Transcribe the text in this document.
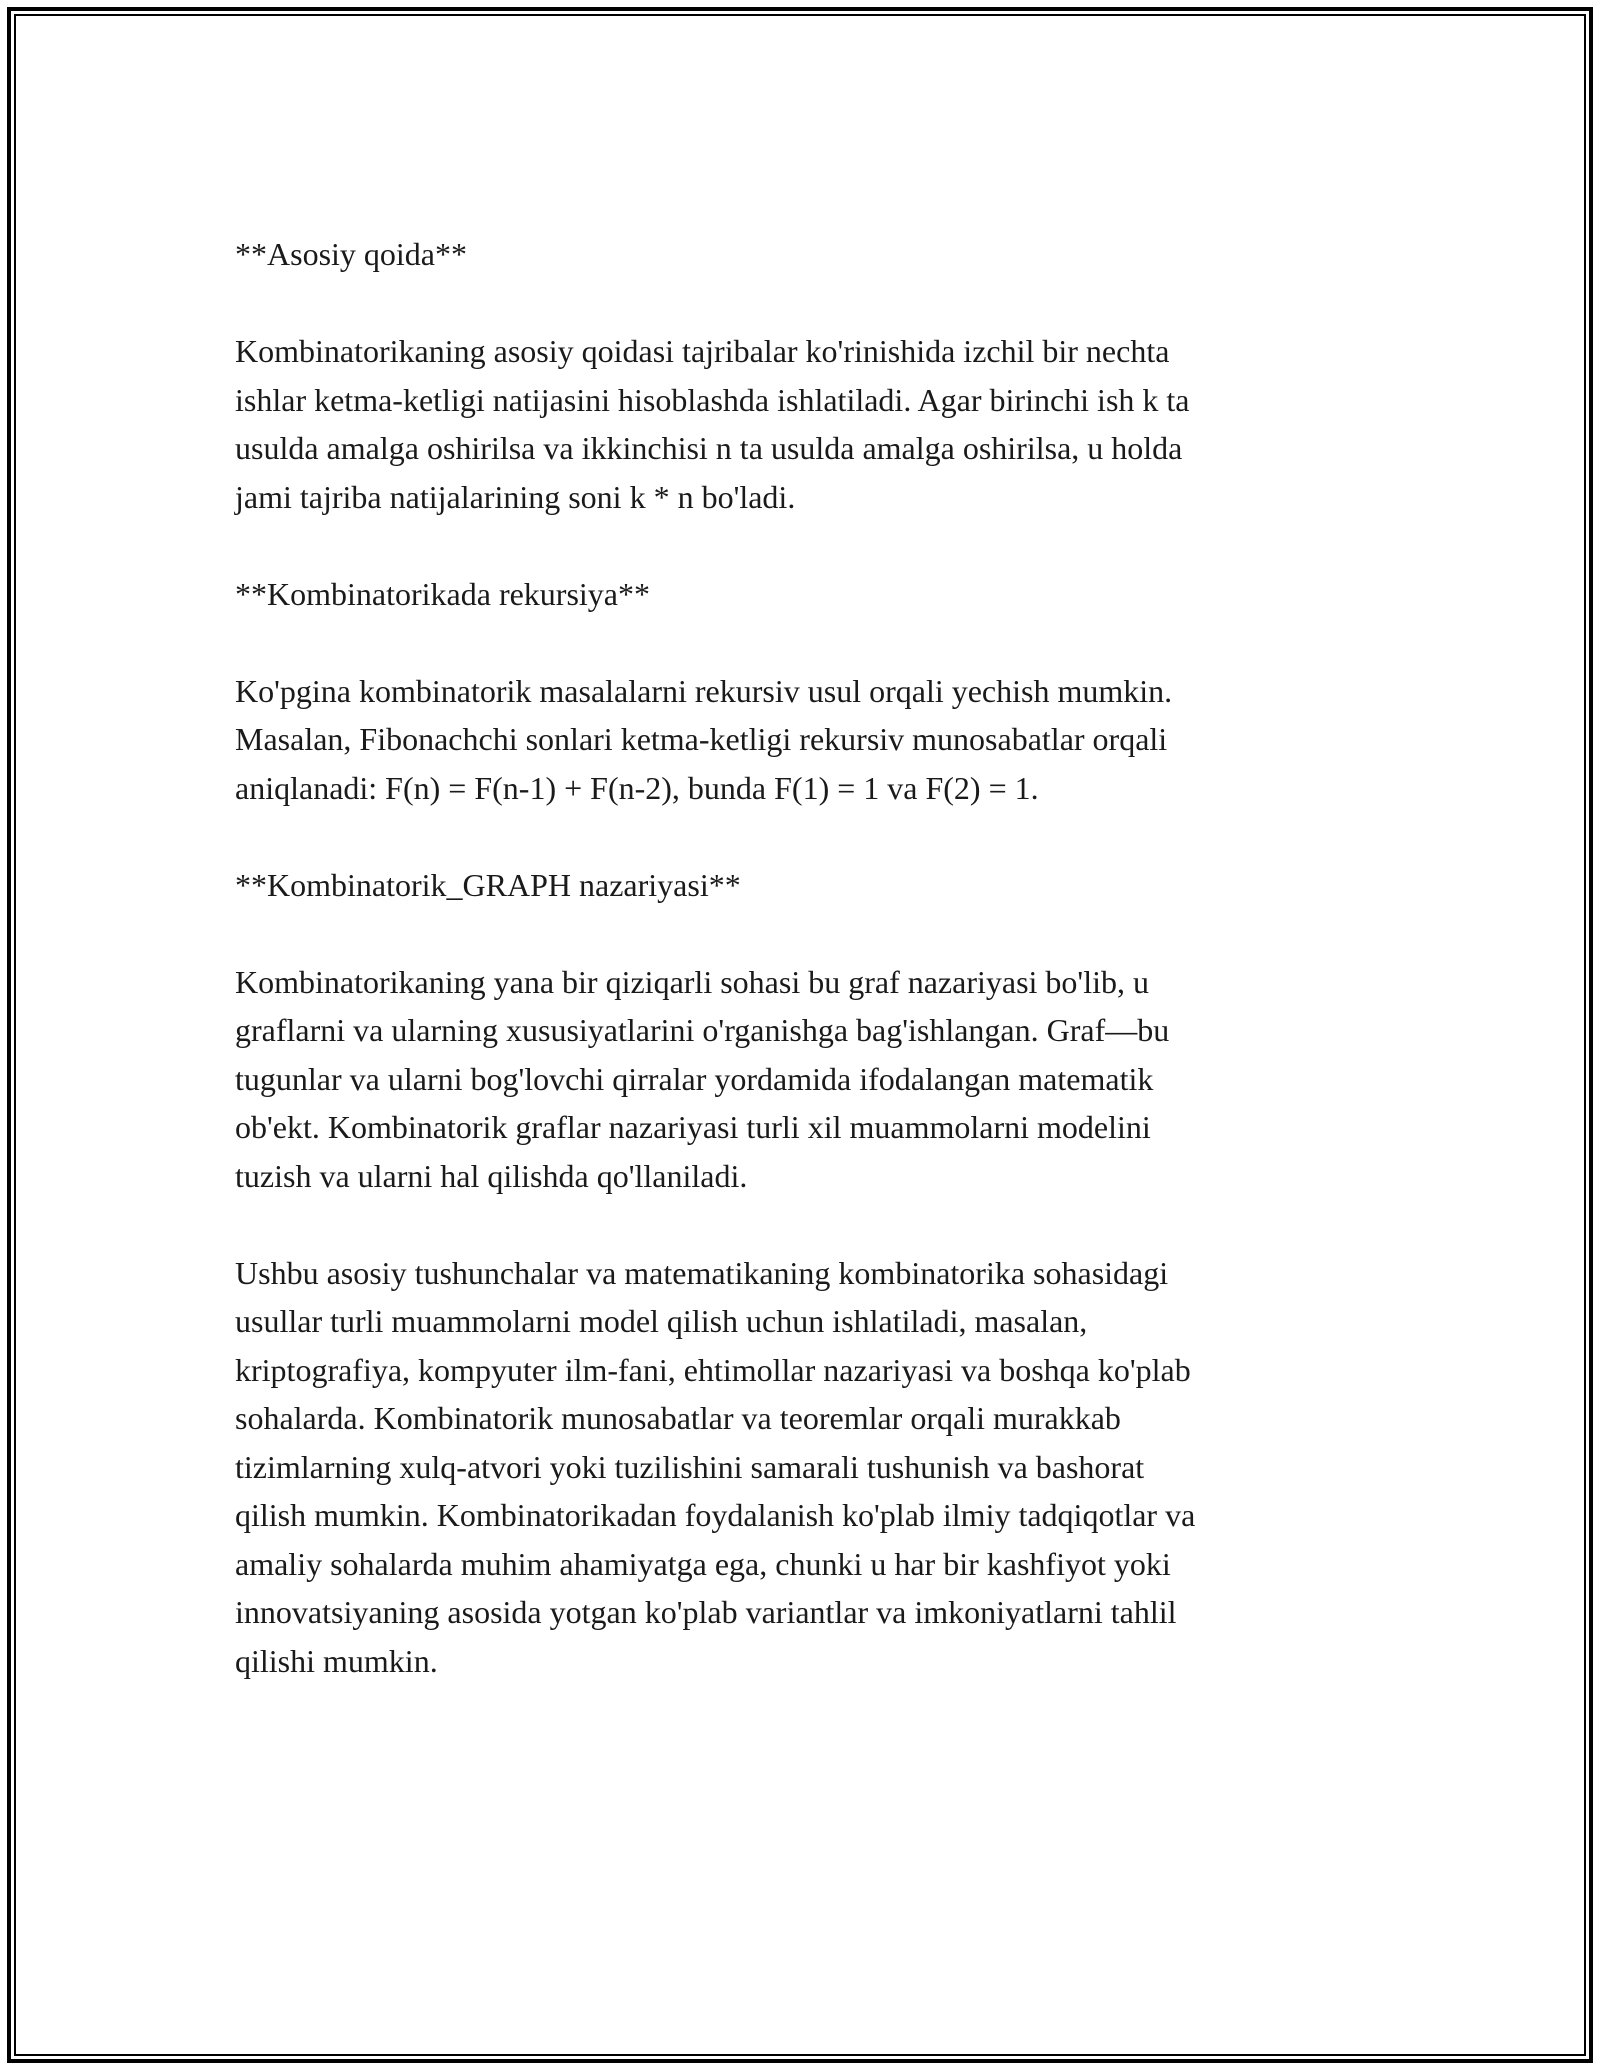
**Asosiy qoida**
Kombinatorikaning asosiy qoidasi tajribalar ko'rinishida izchil bir nechta
ishlar ketma-ketligi natijasini hisoblashda ishlatiladi. Agar birinchi ish k ta
usulda amalga oshirilsa va ikkinchisi n ta usulda amalga oshirilsa, u holda
jami tajriba natijalarining soni k * n bo'ladi.
**Kombinatorikada rekursiya**
Ko'pgina kombinatorik masalalarni rekursiv usul orqali yechish mumkin.
Masalan, Fibonachchi sonlari ketma-ketligi rekursiv munosabatlar orqali
aniqlanadi: F(n) = F(n-1) + F(n-2), bunda F(1) = 1 va F(2) = 1.
**Kombinatorik_GRAPH nazariyasi**
Kombinatorikaning yana bir qiziqarli sohasi bu graf nazariyasi bo'lib, u
graflarni va ularning xususiyatlarini o'rganishga bag'ishlangan. Graf—bu
tugunlar va ularni bog'lovchi qirralar yordamida ifodalangan matematik
ob'ekt. Kombinatorik graflar nazariyasi turli xil muammolarni modelini
tuzish va ularni hal qilishda qo'llaniladi.
Ushbu asosiy tushunchalar va matematikaning kombinatorika sohasidagi
usullar turli muammolarni model qilish uchun ishlatiladi, masalan,
kriptografiya, kompyuter ilm-fani, ehtimollar nazariyasi va boshqa ko'plab
sohalarda. Kombinatorik munosabatlar va teoremlar orqali murakkab
tizimlarning xulq-atvori yoki tuzilishini samarali tushunish va bashorat
qilish mumkin. Kombinatorikadan foydalanish ko'plab ilmiy tadqiqotlar va
amaliy sohalarda muhim ahamiyatga ega, chunki u har bir kashfiyot yoki
innovatsiyaning asosida yotgan ko'plab variantlar va imkoniyatlarni tahlil
qilishi mumkin.
